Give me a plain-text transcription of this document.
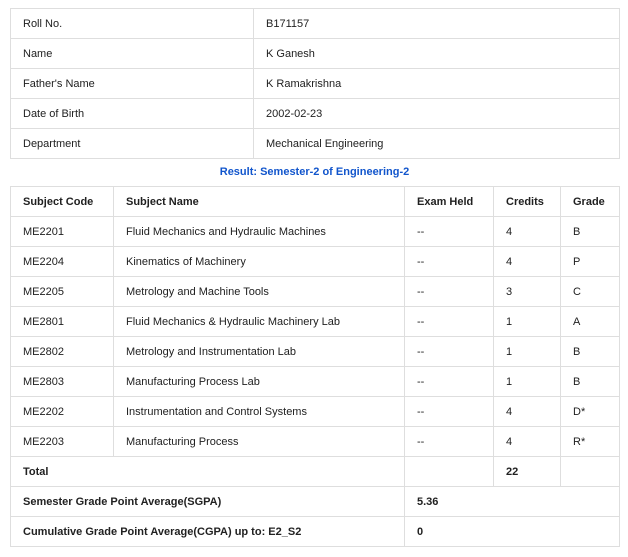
Roll No.	B171157
Name	K Ganesh
Father's Name	K Ramakrishna
Date of Birth	2002-02-23
Department	Mechanical Engineering
Result: Semester-2 of Engineering-2
Subject Code	Subject Name	Exam Held	Credits	Grade
ME2201	Fluid Mechanics and Hydraulic Machines	--	4	B
ME2204	Kinematics of Machinery	--	4	P
ME2205	Metrology and Machine Tools	--	3	C
ME2801	Fluid Mechanics & Hydraulic Machinery Lab	--	1	A
ME2802	Metrology and Instrumentation Lab	--	1	B
ME2803	Manufacturing Process Lab	--	1	B
ME2202	Instrumentation and Control Systems	--	4	D*
ME2203	Manufacturing Process	--	4	R*
Total			22	
Semester Grade Point Average(SGPA)		5.36		
Cumulative Grade Point Average(CGPA) up to: E2_S2		0		
